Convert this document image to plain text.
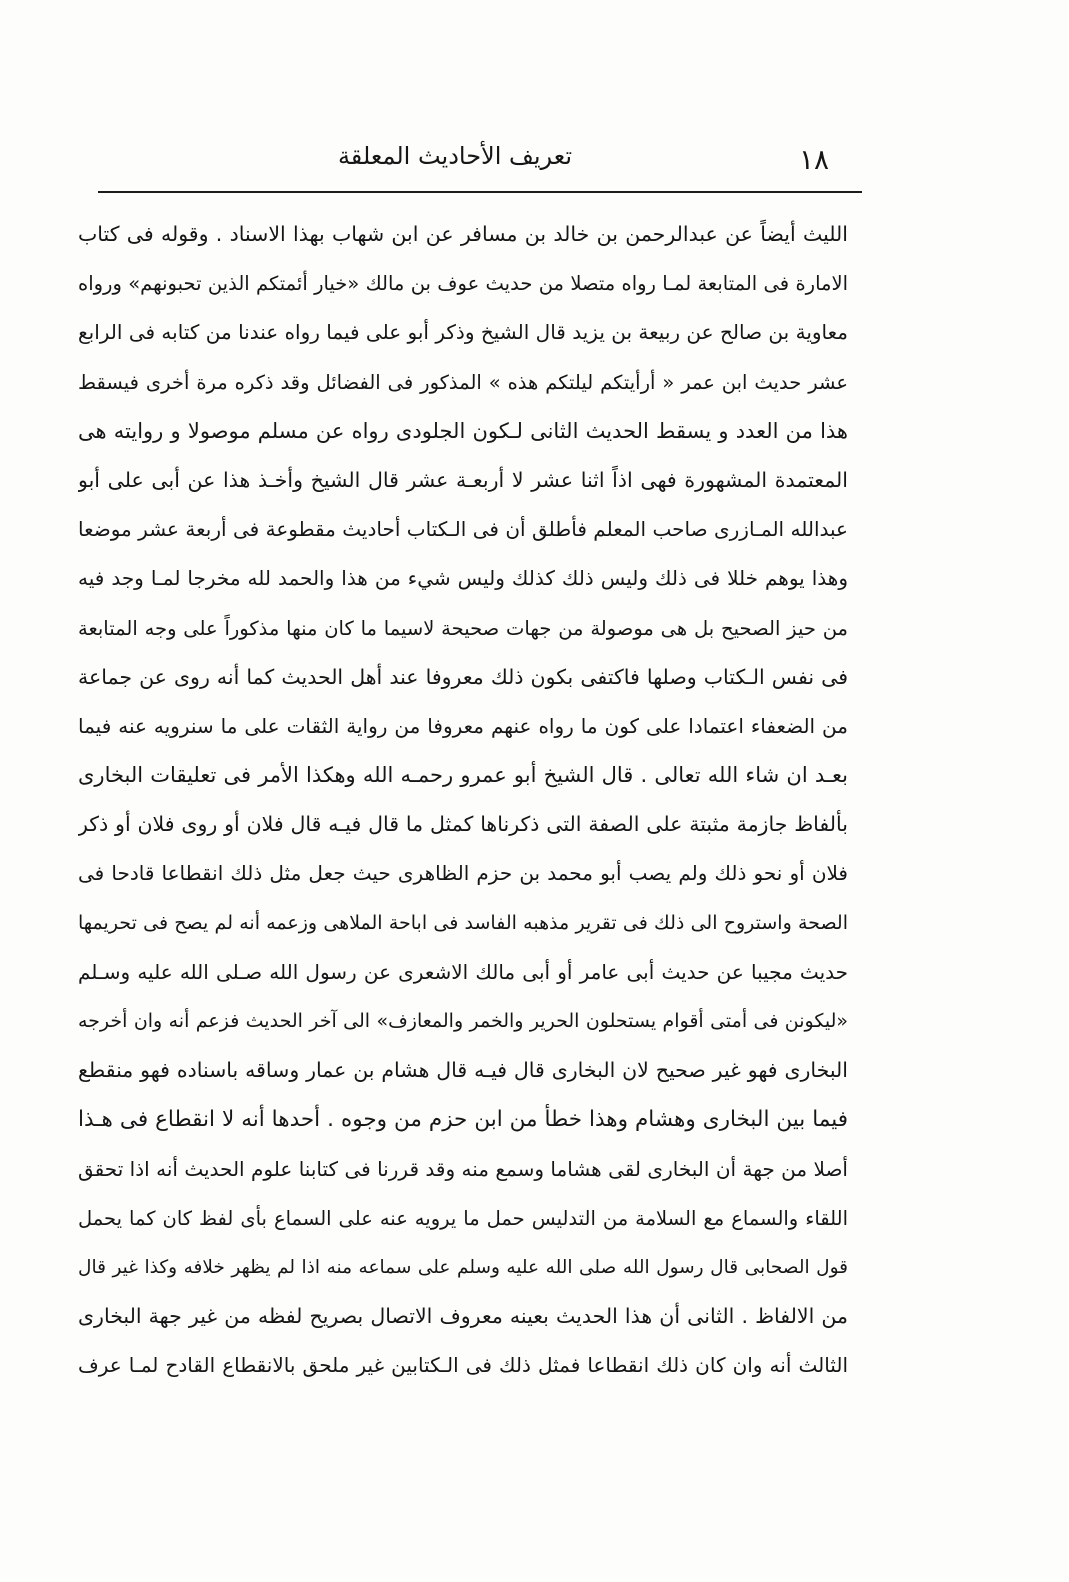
١٨
تعريف الأحاديث المعلقة
الليث أيضاً عن عبدالرحمن بن خالد بن مسافر عن ابن شهاب بهذا الاسناد . وقوله فى كتاب
الامارة فى المتابعة لمـا رواه متصلا من حديث عوف بن مالك «خيار أئمتكم الذين تحبونهم» ورواه
معاوية بن صالح عن ربيعة بن يزيد قال الشيخ وذكر أبو على فيما رواه عندنا من كتابه فى الرابع
عشر حديث ابن عمر « أرأيتكم ليلتكم هذه » المذكور فى الفضائل وقد ذكره مرة أخرى فيسقط
هذا من العدد و يسقط الحديث الثانى لـكون الجلودى رواه عن مسلم موصولا و روايته هى
المعتمدة المشهورة فهى اذاً اثنا عشر لا أربعـة عشر قال الشيخ وأخـذ هذا عن أبى على أبو
عبدالله المـازرى صاحب المعلم فأطلق أن فى الـكتاب أحاديث مقطوعة فى أربعة عشر موضعا
وهذا يوهم خللا فى ذلك وليس ذلك كذلك وليس شيء من هذا والحمد لله مخرجا لمـا وجد فيه
من حيز الصحيح بل هى موصولة من جهات صحيحة لاسيما ما كان منها مذكوراً على وجه المتابعة
فى نفس الـكتاب وصلها فاكتفى بكون ذلك معروفا عند أهل الحديث كما أنه روى عن جماعة
من الضعفاء اعتمادا على كون ما رواه عنهم معروفا من رواية الثقات على ما سنرويه عنه فيما
بعـد ان شاء الله تعالى . قال الشيخ أبو عمرو رحمـه الله وهكذا الأمر فى تعليقات البخارى
بألفاظ جازمة مثبتة على الصفة التى ذكرناها كمثل ما قال فيـه قال فلان أو روى فلان أو ذكر
فلان أو نحو ذلك ولم يصب أبو محمد بن حزم الظاهرى حيث جعل مثل ذلك انقطاعا قادحا فى
الصحة واستروح الى ذلك فى تقرير مذهبه الفاسد فى اباحة الملاهى وزعمه أنه لم يصح فى تحريمها
حديث مجيبا عن حديث أبى عامر أو أبى مالك الاشعرى عن رسول الله صـلى الله عليه وسـلم
«ليكونن فى أمتى أقوام يستحلون الحرير والخمر والمعازف» الى آخر الحديث فزعم أنه وان أخرجه
البخارى فهو غير صحيح لان البخارى قال فيـه قال هشام بن عمار وساقه باسناده فهو منقطع
فيما بين البخارى وهشام وهذا خطأ من ابن حزم من وجوه . أحدها أنه لا انقطاع فى هـذا
أصلا من جهة أن البخارى لقى هشاما وسمع منه وقد قررنا فى كتابنا علوم الحديث أنه اذا تحقق
اللقاء والسماع مع السلامة من التدليس حمل ما يرويه عنه على السماع بأى لفظ كان كما يحمل
قول الصحابى قال رسول الله صلى الله عليه وسلم على سماعه منه اذا لم يظهر خلافه وكذا غير قال
من الالفاظ . الثانى أن هذا الحديث بعينه معروف الاتصال بصريح لفظه من غير جهة البخارى
الثالث أنه وان كان ذلك انقطاعا فمثل ذلك فى الـكتابين غير ملحق بالانقطاع القادح لمـا عرف
